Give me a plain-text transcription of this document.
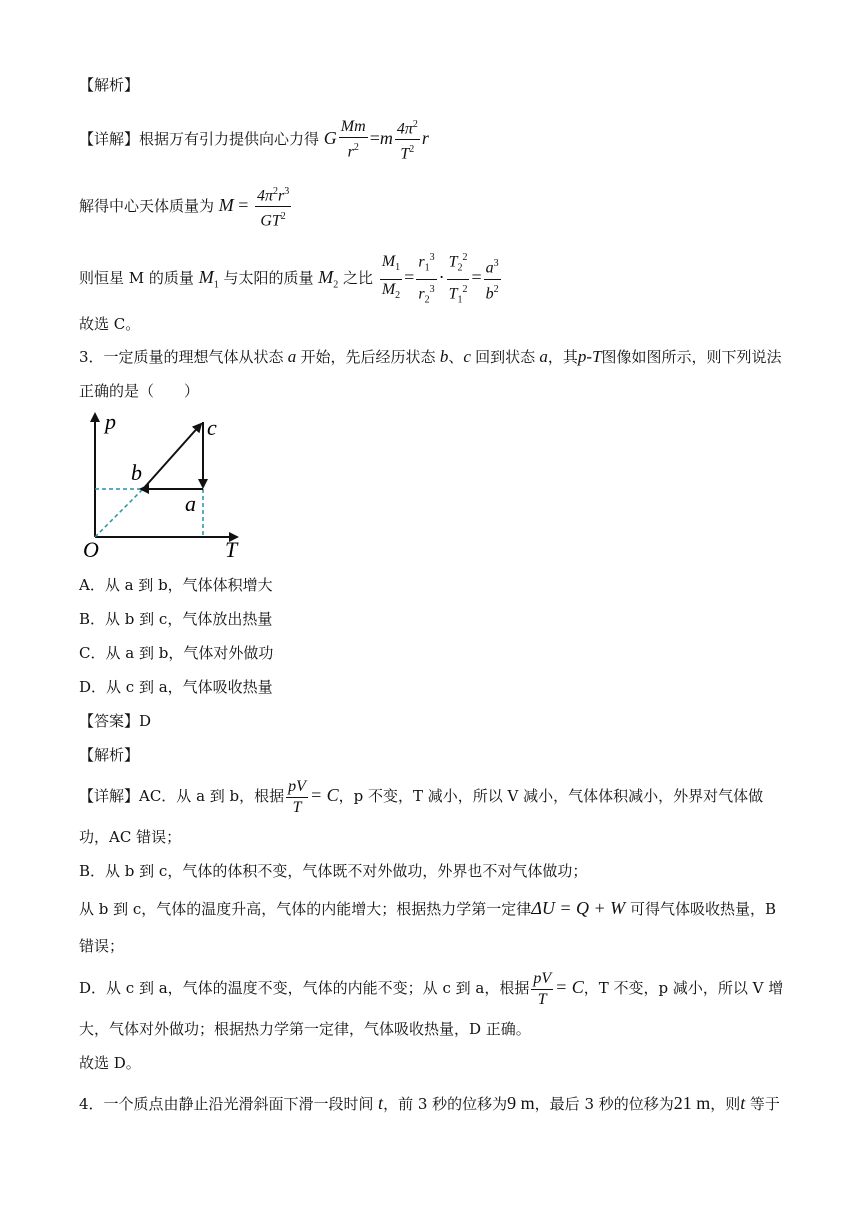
【解析】
【详解】根据万有引力提供向心力得 G $\frac{Mm}{r^2} =m \frac{4\pi^2}{T^2}$ r
解得中心天体质量为 $M = \frac{4\pi^2r^3}{GT^2}$
则恒星 M 的质量 $M_1$ 与太阳的质量 $M_2$ 之比 $\frac{M_1}{M_2} = \frac{r_1^3}{r_2^3} \cdot \frac{T_2^2}{T_1^2} = \frac{a^3}{b^2}$
故选 C。
3．一定质量的理想气体从状态 a 开始，先后经历状态 b、c 回到状态 a，其p-T图像如图所示，则下列说法
正确的是（　　）
p	c
b
a
O	T
A．从 a 到 b，气体体积增大
B．从 b 到 c，气体放出热量
C．从 a 到 b，气体对外做功
D．从 c 到 a，气体吸收热量
【答案】D
【解析】
【详解】AC．从 a 到 b，根据 $\frac{pV}{T} = C$，p 不变，T 减小，所以 V 减小，气体体积减小，外界对气体做
功，AC 错误；
B．从 b 到 c，气体的体积不变，气体既不对外做功，外界也不对气体做功；
从 b 到 c，气体的温度升高，气体的内能增大；根据热力学第一定律ΔU = Q + W 可得气体吸收热量，B
错误；
D．从 c 到 a，气体的温度不变，气体的内能不变；从 c 到 a，根据 $\frac{pV}{T} = C$，T 不变，p 减小，所以 V 增
大，气体对外做功；根据热力学第一定律，气体吸收热量，D 正确。
故选 D。
4．一个质点由静止沿光滑斜面下滑一段时间 t，前 3 秒的位移为9 m，最后 3 秒的位移为21 m，则t 等于
